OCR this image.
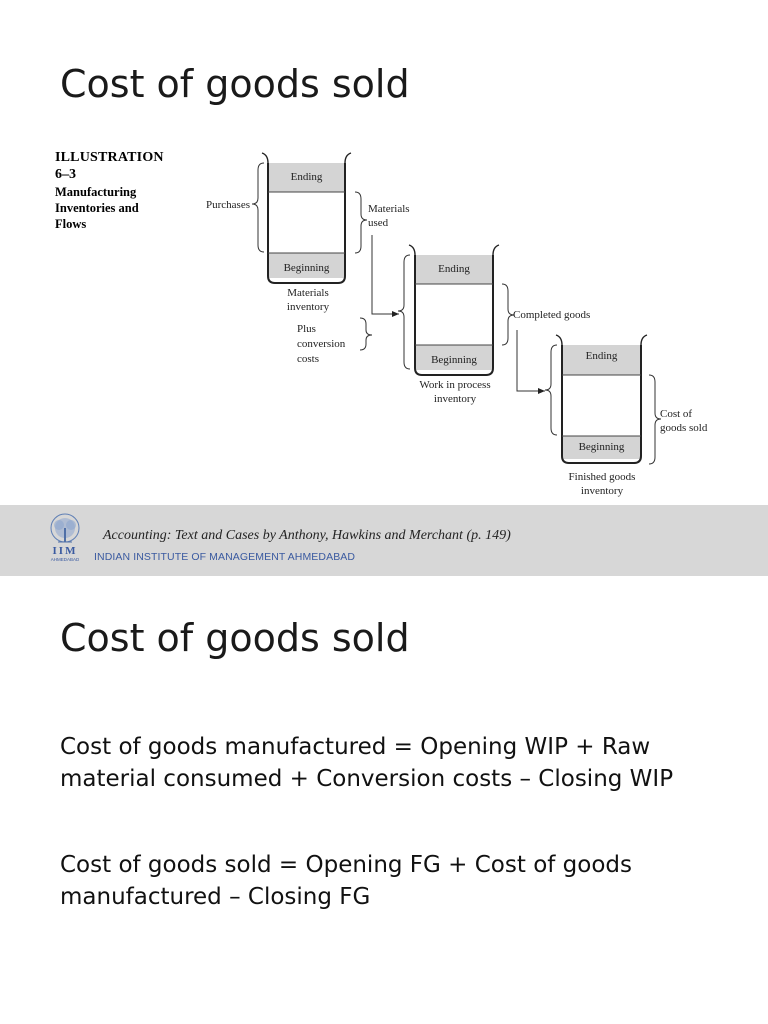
Cost of goods sold
ILLUSTRATION
6–3
Manufacturing Inventories and Flows
Ending
Beginning
Materials
inventory
Ending
Beginning
Work in process
inventory
Ending
Beginning
Finished goods
inventory
Purchases	Materials
used
Plus
conversion
costs
Completed goods
Cost of
goods sold
IIM
AHMEDABAD
Accounting: Text and Cases by Anthony, Hawkins and Merchant (p. 149)
INDIAN INSTITUTE OF MANAGEMENT AHMEDABAD
Cost of goods sold

Cost of goods manufactured = Opening WIP + Raw material consumed + Conversion costs – Closing WIP

Cost of goods sold = Opening FG + Cost of goods manufactured – Closing FG
